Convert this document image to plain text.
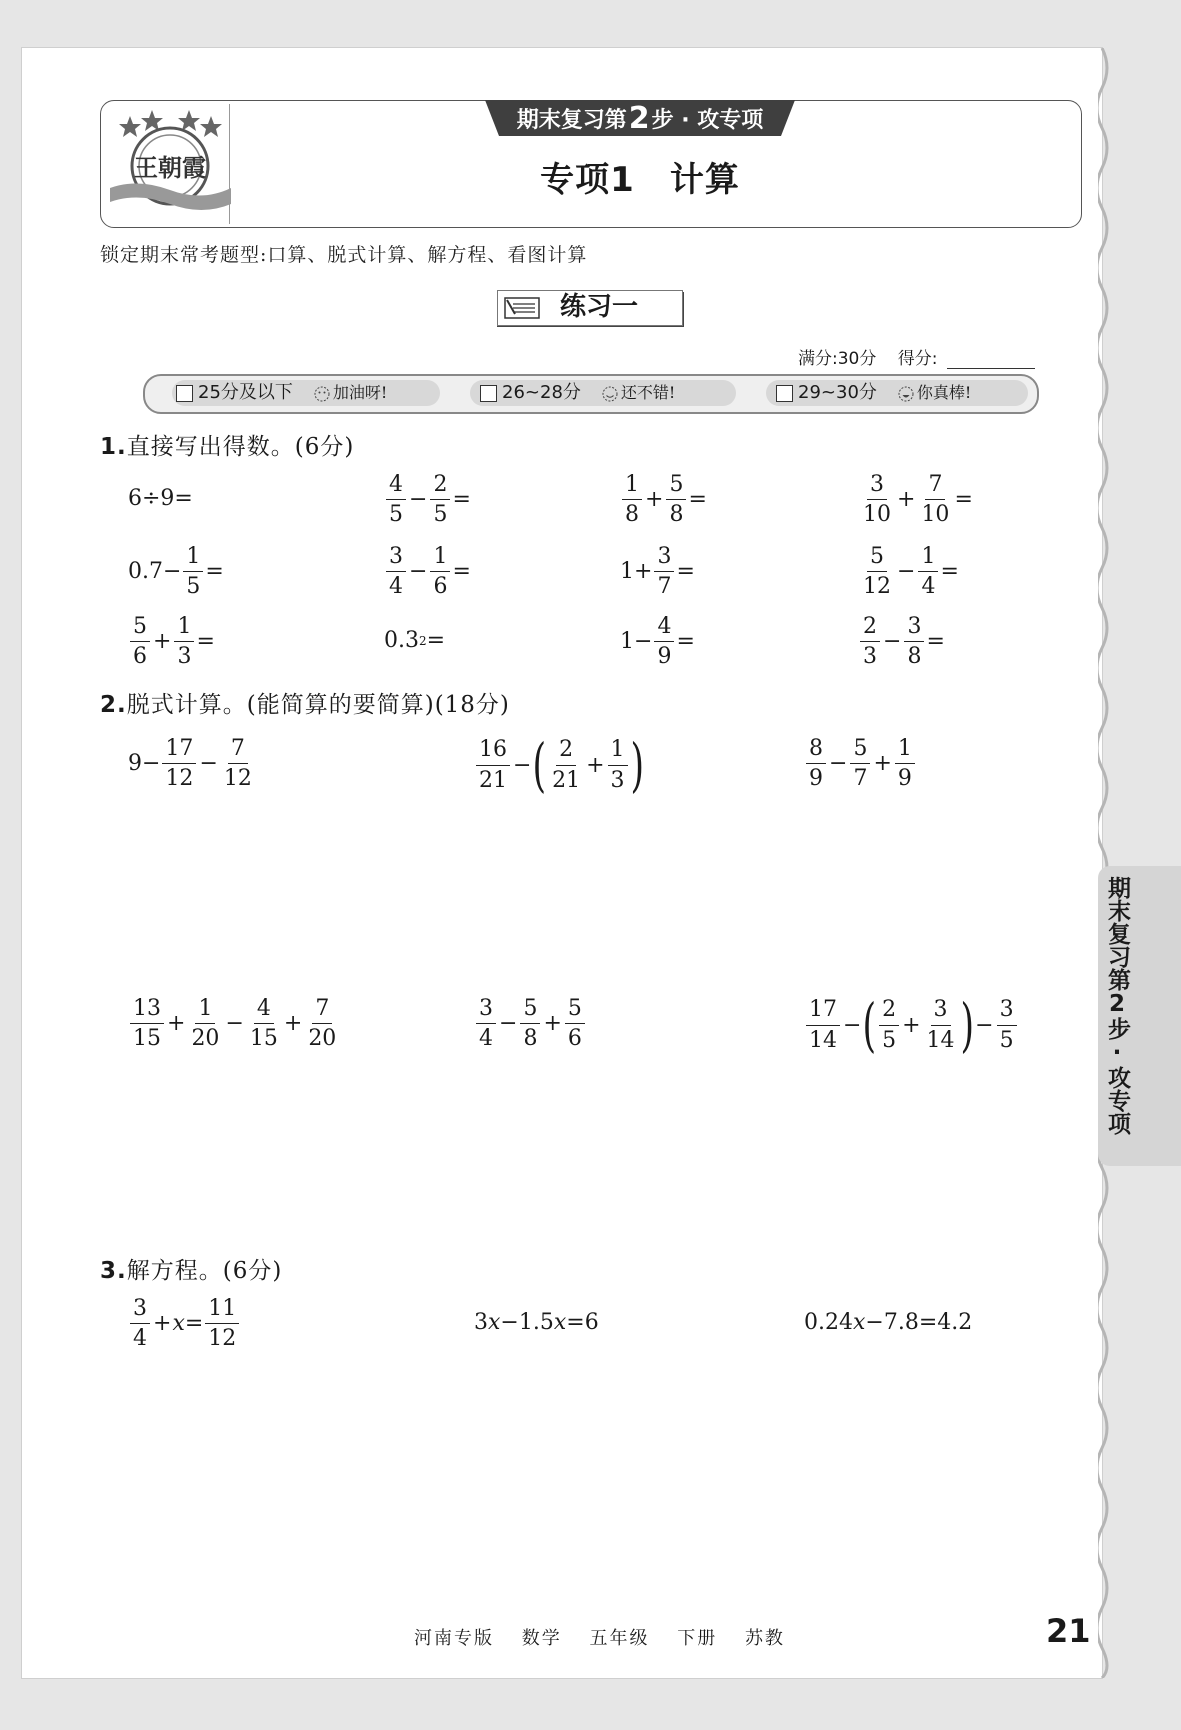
王朝霞
期末复习第 2 步 · 攻专项
专项1　计算
锁定期末常考题型:口算、脱式计算、解方程、看图计算
练习一
满分:30分 得分:
25分及以下	加油呀!	26~28分	还不错!	29~30分	你真棒!
1.直接写出得数。(6分)
6÷9=	$\frac{4}{5} - \frac{2}{5}$ =	$\frac{1}{8} + \frac{5}{8}$ =	$\frac{3}{10} + \frac{7}{10}$ =
$0.7- \frac{1}{5}$ =	$\frac{3}{4} - \frac{1}{6}$ =	$1+ \frac{3}{7}$ =	$\frac{5}{12} - \frac{1}{4}$ =
$\frac{5}{6} + \frac{1}{3}$ =	0.3 2 =	$1- \frac{4}{9}$ =	$\frac{2}{3} - \frac{3}{8}$ =
2.脱式计算。(能简算的要简算)(18分)
$9- \frac{17}{12} - \frac{7}{12}$	$\frac{16}{21}$ − ( $\frac{2}{21} + \frac{1}{3}$ )	$\frac{8}{9} - \frac{5}{7} + \frac{1}{9}$
$\frac{13}{15} + \frac{1}{20} - \frac{4}{15} + \frac{7}{20}$	$\frac{3}{4} - \frac{5}{8} + \frac{5}{6}$	$\frac{17}{14}$ − ( $\frac{2}{5} + \frac{3}{14}$ ) − $\frac{3}{5}$
3.解方程。(6分)
$\frac{3}{4} + x = \frac{11}{12}$	3 x −1.5 x =6	0.24 x −7.8=4.2
期末复习第2步·攻专项
河南专版 数学 五年级 下册 苏教	21
